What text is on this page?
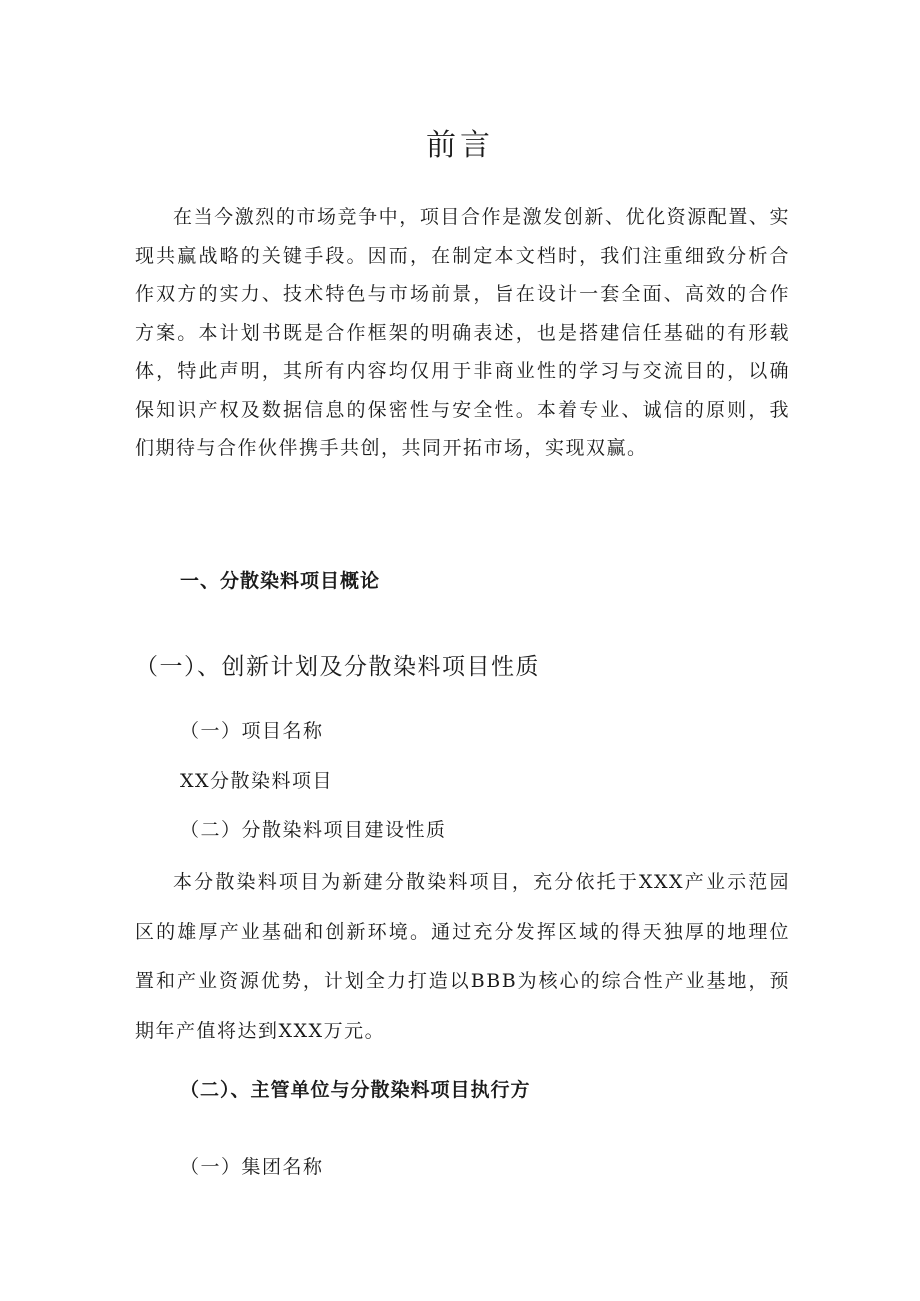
前言

在当今激烈的市场竞争中，项目合作是激发创新、优化资源配置、实现共赢战略的关键手段。因而，在制定本文档时，我们注重细致分析合作双方的实力、技术特色与市场前景，旨在设计一套全面、高效的合作方案。本计划书既是合作框架的明确表述，也是搭建信任基础的有形载体，特此声明，其所有内容均仅用于非商业性的学习与交流目的，以确保知识产权及数据信息的保密性与安全性。本着专业、诚信的原则，我们期待与合作伙伴携手共创，共同开拓市场，实现双赢。

一、分散染料项目概论
（一）、创新计划及分散染料项目性质
（一）项目名称
XX分散染料项目
（二）分散染料项目建设性质

本分散染料项目为新建分散染料项目，充分依托于XXX产业示范园区的雄厚产业基础和创新环境。通过充分发挥区域的得天独厚的地理位置和产业资源优势，计划全力打造以BBB为核心的综合性产业基地，预期年产值将达到XXX万元。

（二）、主管单位与分散染料项目执行方
（一）集团名称
